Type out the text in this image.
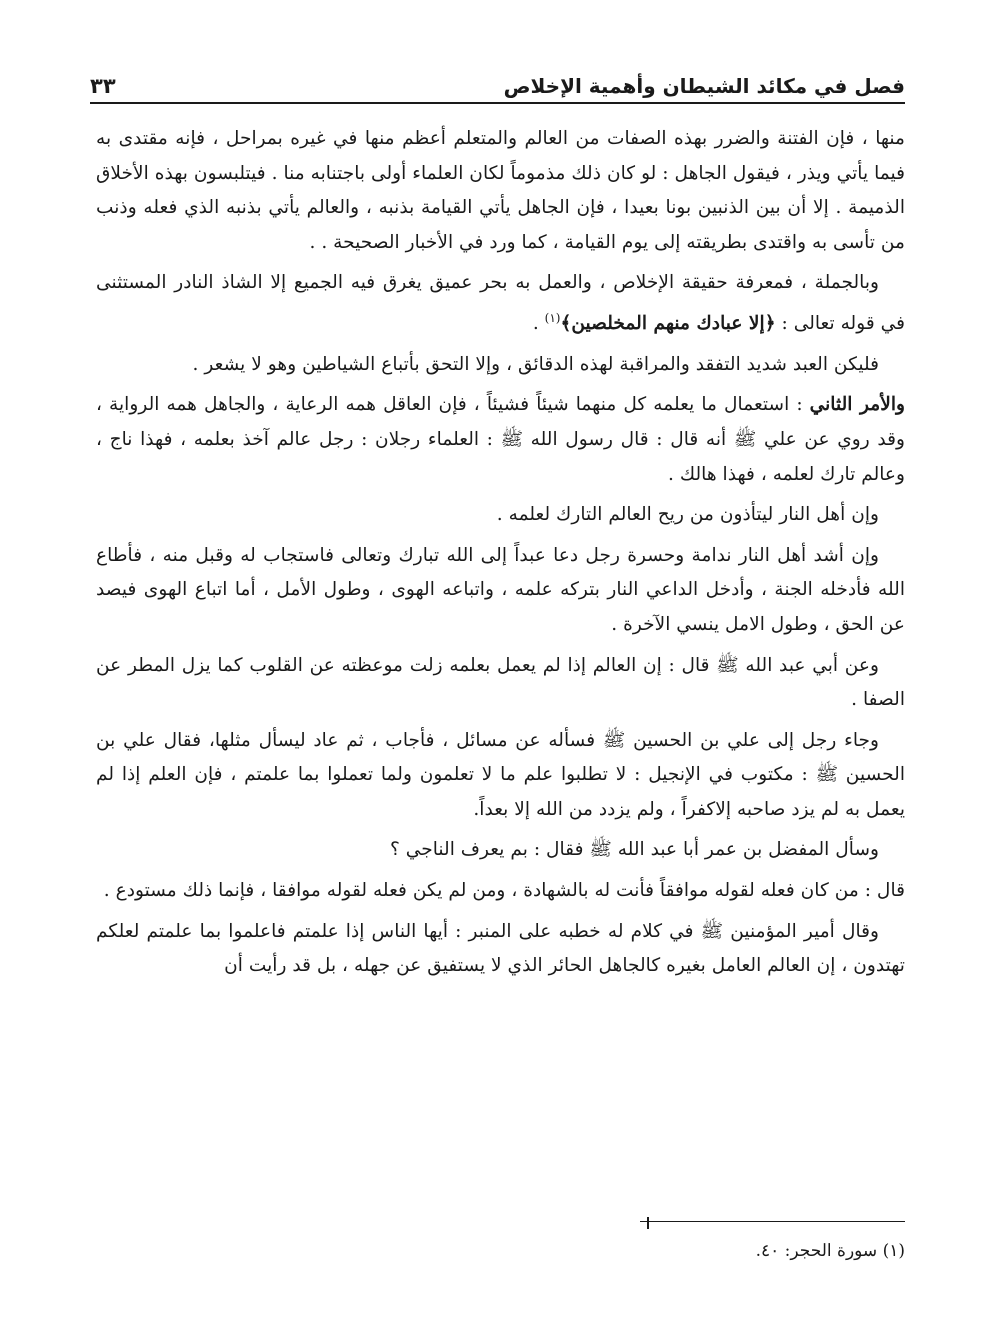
فصل في مكائد الشيطان وأهمية الإخلاص
٣٣

منها ، فإن الفتنة والضرر بهذه الصفات من العالم والمتعلم أعظم منها في غيره بمراحل ، فإنه مقتدى به فيما يأتي ويذر ، فيقول الجاهل : لو كان ذلك مذموماً لكان العلماء أولى باجتنابه منا . فيتلبسون بهذه الأخلاق الذميمة . إلا أن بين الذنبين بونا بعيدا ، فإن الجاهل يأتي القيامة بذنبه ، والعالم يأتي بذنبه الذي فعله وذنب من تأسى به واقتدى بطريقته إلى يوم القيامة ، كما ورد في الأخبار الصحيحة . .

وبالجملة ، فمعرفة حقيقة الإخلاص ، والعمل به بحر عميق يغرق فيه الجميع إلا الشاذ النادر المستثنى في قوله تعالى : ﴿إلا عبادك منهم المخلصين﴾$^{(١)}$ .

فليكن العبد شديد التفقد والمراقبة لهذه الدقائق ، وإلا التحق بأتباع الشياطين وهو لا يشعر .

والأمر الثاني : استعمال ما يعلمه كل منهما شيئاً فشيئاً ، فإن العاقل همه الرعاية ، والجاهل همه الرواية ، وقد روي عن علي ﷺ أنه قال : قال رسول الله ﷺ : العلماء رجلان : رجل عالم آخذ بعلمه ، فهذا ناج ، وعالم تارك لعلمه ، فهذا هالك .

وإن أهل النار ليتأذون من ريح العالم التارك لعلمه .

وإن أشد أهل النار ندامة وحسرة رجل دعا عبداً إلى الله تبارك وتعالى فاستجاب له وقبل منه ، فأطاع الله فأدخله الجنة ، وأدخل الداعي النار بتركه علمه ، واتباعه الهوى ، وطول الأمل ، أما اتباع الهوى فيصد عن الحق ، وطول الامل ينسي الآخرة .

وعن أبي عبد الله ﷺ قال : إن العالم إذا لم يعمل بعلمه زلت موعظته عن القلوب كما يزل المطر عن الصفا .

وجاء رجل إلى علي بن الحسين ﷺ فسأله عن مسائل ، فأجاب ، ثم عاد ليسأل مثلها، فقال علي بن الحسين ﷺ : مكتوب في الإنجيل : لا تطلبوا علم ما لا تعلمون ولما تعملوا بما علمتم ، فإن العلم إذا لم يعمل به لم يزد صاحبه إلاكفراً ، ولم يزدد من الله إلا بعداً.

وسأل المفضل بن عمر أبا عبد الله ﷺ فقال : بم يعرف الناجي ؟

قال : من كان فعله لقوله موافقاً فأنت له بالشهادة ، ومن لم يكن فعله لقوله موافقا ، فإنما ذلك مستودع .

وقال أمير المؤمنين ﷺ في كلام له خطبه على المنبر : أيها الناس إذا علمتم فاعلموا بما علمتم لعلكم تهتدون ، إن العالم العامل بغيره كالجاهل الحائر الذي لا يستفيق عن جهله ، بل قد رأيت أن

(١) سورة الحجر: ٤٠.
